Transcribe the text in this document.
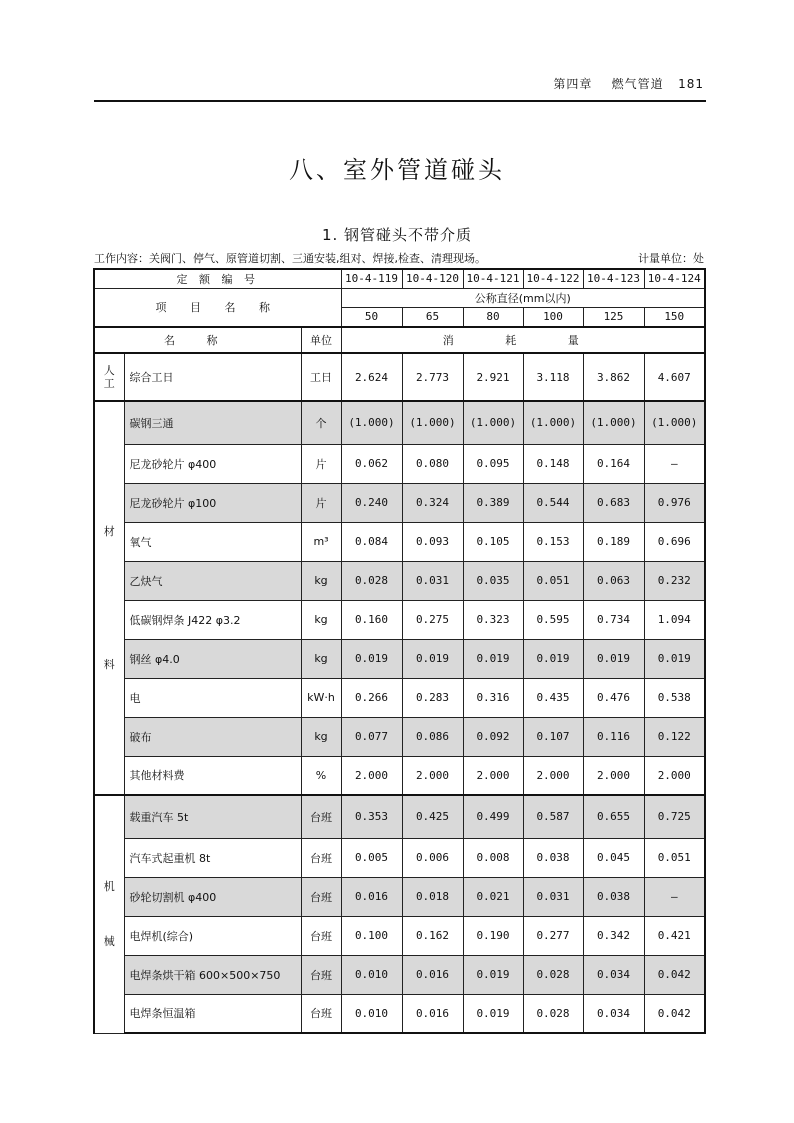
第四章 燃气管道 181
八、室外管道碰头
1. 钢管碰头不带介质
工作内容：关阀门、停气、原管道切割、三通安装,组对、焊接,检查、清理现场。	计量单位：处
定 额 编 号			10-4-119	10-4-120	10-4-121	10-4-122	10-4-123	10-4-124
项 目 名 称			公称直径(mm以内)					
			50	65	80	100	125	150
名 称		单位	消 耗 量					

人工	综合工日	工日	2.624	2.773	2.921	3.118	3.862	4.607

材
料	碳钢三通	个	(1.000)	(1.000)	(1.000)	(1.000)	(1.000)	(1.000)
	尼龙砂轮片 φ400	片	0.062	0.080	0.095	0.148	0.164	—
	尼龙砂轮片 φ100	片	0.240	0.324	0.389	0.544	0.683	0.976
	氧气	m³	0.084	0.093	0.105	0.153	0.189	0.696
	乙炔气	kg	0.028	0.031	0.035	0.051	0.063	0.232
	低碳钢焊条 J422 φ3.2	kg	0.160	0.275	0.323	0.595	0.734	1.094
	钢丝 φ4.0	kg	0.019	0.019	0.019	0.019	0.019	0.019
	电	kW·h	0.266	0.283	0.316	0.435	0.476	0.538
	破布	kg	0.077	0.086	0.092	0.107	0.116	0.122
	其他材料费	%	2.000	2.000	2.000	2.000	2.000	2.000

机
械	载重汽车 5t	台班	0.353	0.425	0.499	0.587	0.655	0.725
	汽车式起重机 8t	台班	0.005	0.006	0.008	0.038	0.045	0.051
	砂轮切割机 φ400	台班	0.016	0.018	0.021	0.031	0.038	—
	电焊机(综合)	台班	0.100	0.162	0.190	0.277	0.342	0.421
	电焊条烘干箱 600×500×750	台班	0.010	0.016	0.019	0.028	0.034	0.042
	电焊条恒温箱	台班	0.010	0.016	0.019	0.028	0.034	0.042
